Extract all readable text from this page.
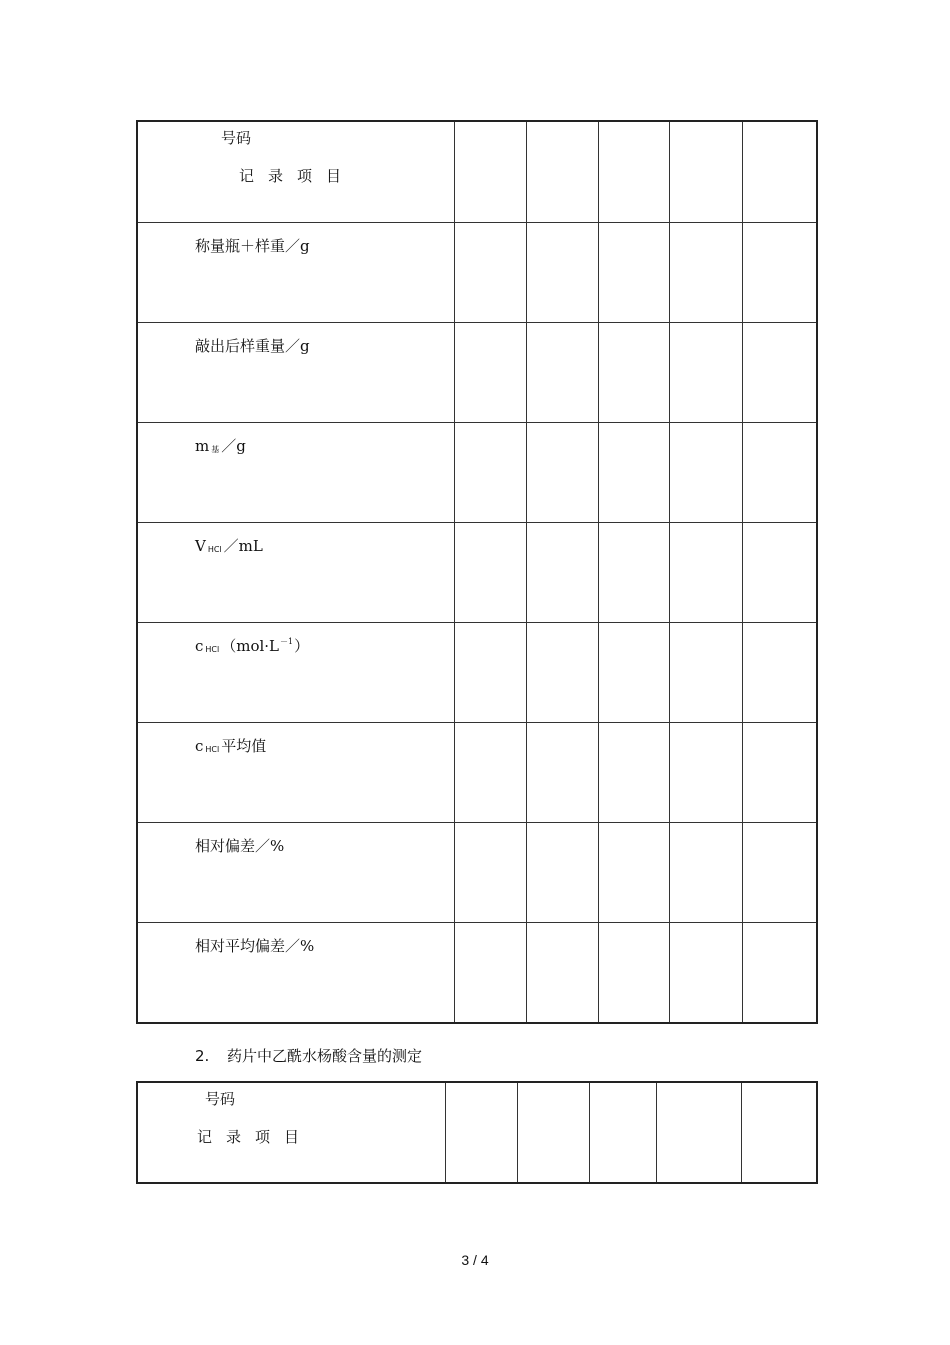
号码
记录项目					

称量瓶＋样重／g					

敲出后样重量／g					

m基 ／g					

V HCl ／mL					

c HCl $(mol\cdot L^{-1})$					

c HCl 平均值					

相对偏差／%					

相对平均偏差／%					

2. 药片中乙酰水杨酸含量的测定
号码
记录项目

3 / 4
